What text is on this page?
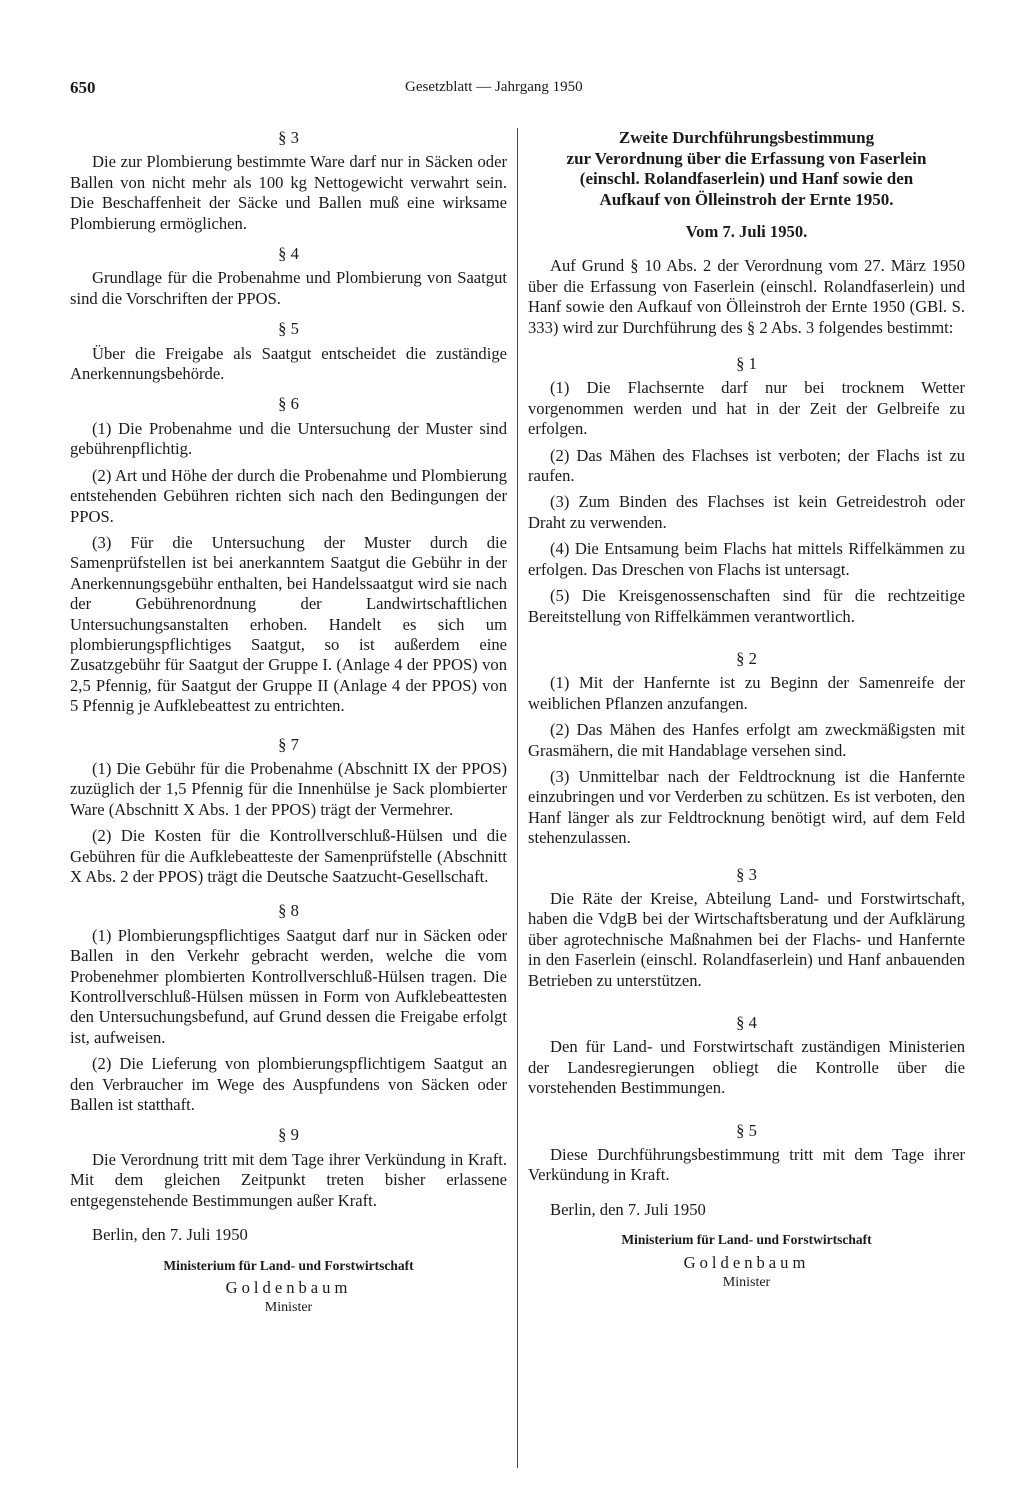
650	Gesetzblatt — Jahrgang 1950
§ 3

Die zur Plombierung bestimmte Ware darf nur in Säcken oder Ballen von nicht mehr als 100 kg Nettogewicht verwahrt sein. Die Beschaffenheit der Säcke und Ballen muß eine wirksame Plombierung ermöglichen.

§ 4

Grundlage für die Probenahme und Plombierung von Saatgut sind die Vorschriften der PPOS.

§ 5

Über die Freigabe als Saatgut entscheidet die zuständige Anerkennungsbehörde.

§ 6

(1) Die Probenahme und die Untersuchung der Muster sind gebührenpflichtig.

(2) Art und Höhe der durch die Probenahme und Plombierung entstehenden Gebühren richten sich nach den Bedingungen der PPOS.

(3) Für die Untersuchung der Muster durch die Samenprüfstellen ist bei anerkanntem Saatgut die Gebühr in der Anerkennungsgebühr enthalten, bei Handelssaatgut wird sie nach der Gebührenordnung der Landwirtschaftlichen Untersuchungsanstalten erhoben. Handelt es sich um plombierungspflichtiges Saatgut, so ist außerdem eine Zusatzgebühr für Saatgut der Gruppe I. (Anlage 4 der PPOS) von 2,5 Pfennig, für Saatgut der Gruppe II (Anlage 4 der PPOS) von 5 Pfennig je Aufklebeattest zu entrichten.

§ 7

(1) Die Gebühr für die Probenahme (Abschnitt IX der PPOS) zuzüglich der 1,5 Pfennig für die Innenhülse je Sack plombierter Ware (Abschnitt X Abs. 1 der PPOS) trägt der Vermehrer.

(2) Die Kosten für die Kontrollverschluß-Hülsen und die Gebühren für die Aufklebeatteste der Samenprüfstelle (Abschnitt X Abs. 2 der PPOS) trägt die Deutsche Saatzucht-Gesellschaft.

§ 8

(1) Plombierungspflichtiges Saatgut darf nur in Säcken oder Ballen in den Verkehr gebracht werden, welche die vom Probenehmer plombierten Kontrollverschluß-Hülsen tragen. Die Kontrollverschluß-Hülsen müssen in Form von Aufklebeattesten den Untersuchungsbefund, auf Grund dessen die Freigabe erfolgt ist, aufweisen.

(2) Die Lieferung von plombierungspflichtigem Saatgut an den Verbraucher im Wege des Auspfundens von Säcken oder Ballen ist statthaft.

§ 9

Die Verordnung tritt mit dem Tage ihrer Verkündung in Kraft. Mit dem gleichen Zeitpunkt treten bisher erlassene entgegenstehende Bestimmungen außer Kraft.

Berlin, den 7. Juli 1950
Ministerium für Land- und Forstwirtschaft
Goldenbaum
Minister
Zweite Durchführungsbestimmung
zur Verordnung über die Erfassung von Faserlein
(einschl. Rolandfaserlein) und Hanf sowie den
Aufkauf von Ölleinstroh der Ernte 1950.
Vom 7. Juli 1950.

Auf Grund § 10 Abs. 2 der Verordnung vom 27. März 1950 über die Erfassung von Faserlein (einschl. Rolandfaserlein) und Hanf sowie den Aufkauf von Ölleinstroh der Ernte 1950 (GBl. S. 333) wird zur Durchführung des § 2 Abs. 3 folgendes bestimmt:

§ 1

(1) Die Flachsernte darf nur bei trocknem Wetter vorgenommen werden und hat in der Zeit der Gelbreife zu erfolgen.

(2) Das Mähen des Flachses ist verboten; der Flachs ist zu raufen.

(3) Zum Binden des Flachses ist kein Getreidestroh oder Draht zu verwenden.

(4) Die Entsamung beim Flachs hat mittels Riffelkämmen zu erfolgen. Das Dreschen von Flachs ist untersagt.

(5) Die Kreisgenossenschaften sind für die rechtzeitige Bereitstellung von Riffelkämmen verantwortlich.

§ 2

(1) Mit der Hanfernte ist zu Beginn der Samenreife der weiblichen Pflanzen anzufangen.

(2) Das Mähen des Hanfes erfolgt am zweckmäßigsten mit Grasmähern, die mit Handablage versehen sind.

(3) Unmittelbar nach der Feldtrocknung ist die Hanfernte einzubringen und vor Verderben zu schützen. Es ist verboten, den Hanf länger als zur Feldtrocknung benötigt wird, auf dem Feld stehenzulassen.

§ 3

Die Räte der Kreise, Abteilung Land- und Forstwirtschaft, haben die VdgB bei der Wirtschaftsberatung und der Aufklärung über agrotechnische Maßnahmen bei der Flachs- und Hanfernte in den Faserlein (einschl. Rolandfaserlein) und Hanf anbauenden Betrieben zu unterstützen.

§ 4

Den für Land- und Forstwirtschaft zuständigen Ministerien der Landesregierungen obliegt die Kontrolle über die vorstehenden Bestimmungen.

§ 5

Diese Durchführungsbestimmung tritt mit dem Tage ihrer Verkündung in Kraft.

Berlin, den 7. Juli 1950
Ministerium für Land- und Forstwirtschaft
Goldenbaum
Minister
